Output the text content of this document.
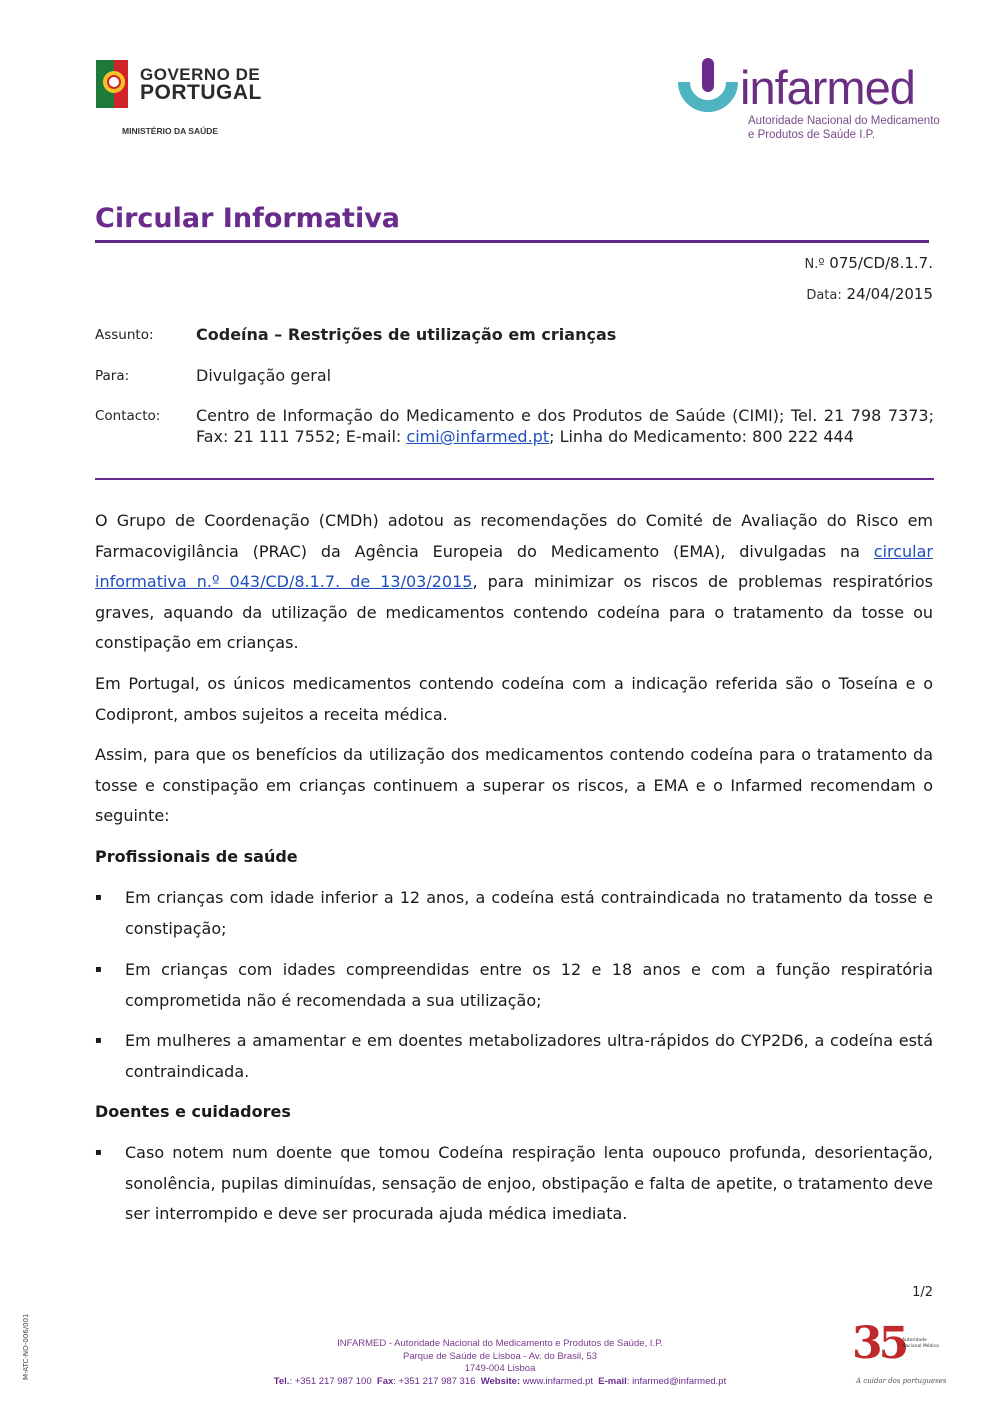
GOVERNO DE
PORTUGAL
MINISTÉRIO DA SAÚDE
infarmed
Autoridade Nacional do Medicamento
e Produtos de Saúde I.P.
Circular Informativa
N.º 075/CD/8.1.7.
Data: 24/04/2015
Assunto:	Codeína – Restrições de utilização em crianças
Para:	Divulgação geral
Contacto: Centro de Informação do Medicamento e dos Produtos de Saúde (CIMI); Tel. 21 798 7373; Fax: 21 111 7552; E-mail: cimi@infarmed.pt; Linha do Medicamento: 800 222 444
O Grupo de Coordenação (CMDh) adotou as recomendações do Comité de Avaliação do Risco em Farmacovigilância (PRAC) da Agência Europeia do Medicamento (EMA), divulgadas na circular informativa n.º 043/CD/8.1.7. de 13/03/2015, para minimizar os riscos de problemas respiratórios graves, aquando da utilização de medicamentos contendo codeína para o tratamento da tosse ou constipação em crianças.
Em Portugal, os únicos medicamentos contendo codeína com a indicação referida são o Toseína e o Codipront, ambos sujeitos a receita médica.
Assim, para que os benefícios da utilização dos medicamentos contendo codeína para o tratamento da tosse e constipação em crianças continuem a superar os riscos, a EMA e o Infarmed recomendam o seguinte:
Profissionais de saúde
▪ Em crianças com idade inferior a 12 anos, a codeína está contraindicada no tratamento da tosse e constipação;
▪ Em crianças com idades compreendidas entre os 12 e 18 anos e com a função respiratória comprometida não é recomendada a sua utilização;
▪ Em mulheres a amamentar e em doentes metabolizadores ultra-rápidos do CYP2D6, a codeína está contraindicada.
Doentes e cuidadores
▪ Caso notem num doente que tomou Codeína respiração lenta oupouco profunda, desorientação, sonolência, pupilas diminuídas, sensação de enjoo, obstipação e falta de apetite, o tratamento deve ser interrompido e deve ser procurada ajuda médica imediata.
1/2
M-ATC-NO-006/001	INFARMED - Autoridade Nacional do Medicamento e Produtos de Saúde, I.P.
Parque de Saúde de Lisboa - Av. do Brasil, 53
1749-004 Lisboa
Tel.: +351 217 987 100 Fax: +351 217 987 316 Website: www.infarmed.pt E-mail: infarmed@infarmed.pt
35
Autoridade Nacional Médica
A cuidar dos portugueses
